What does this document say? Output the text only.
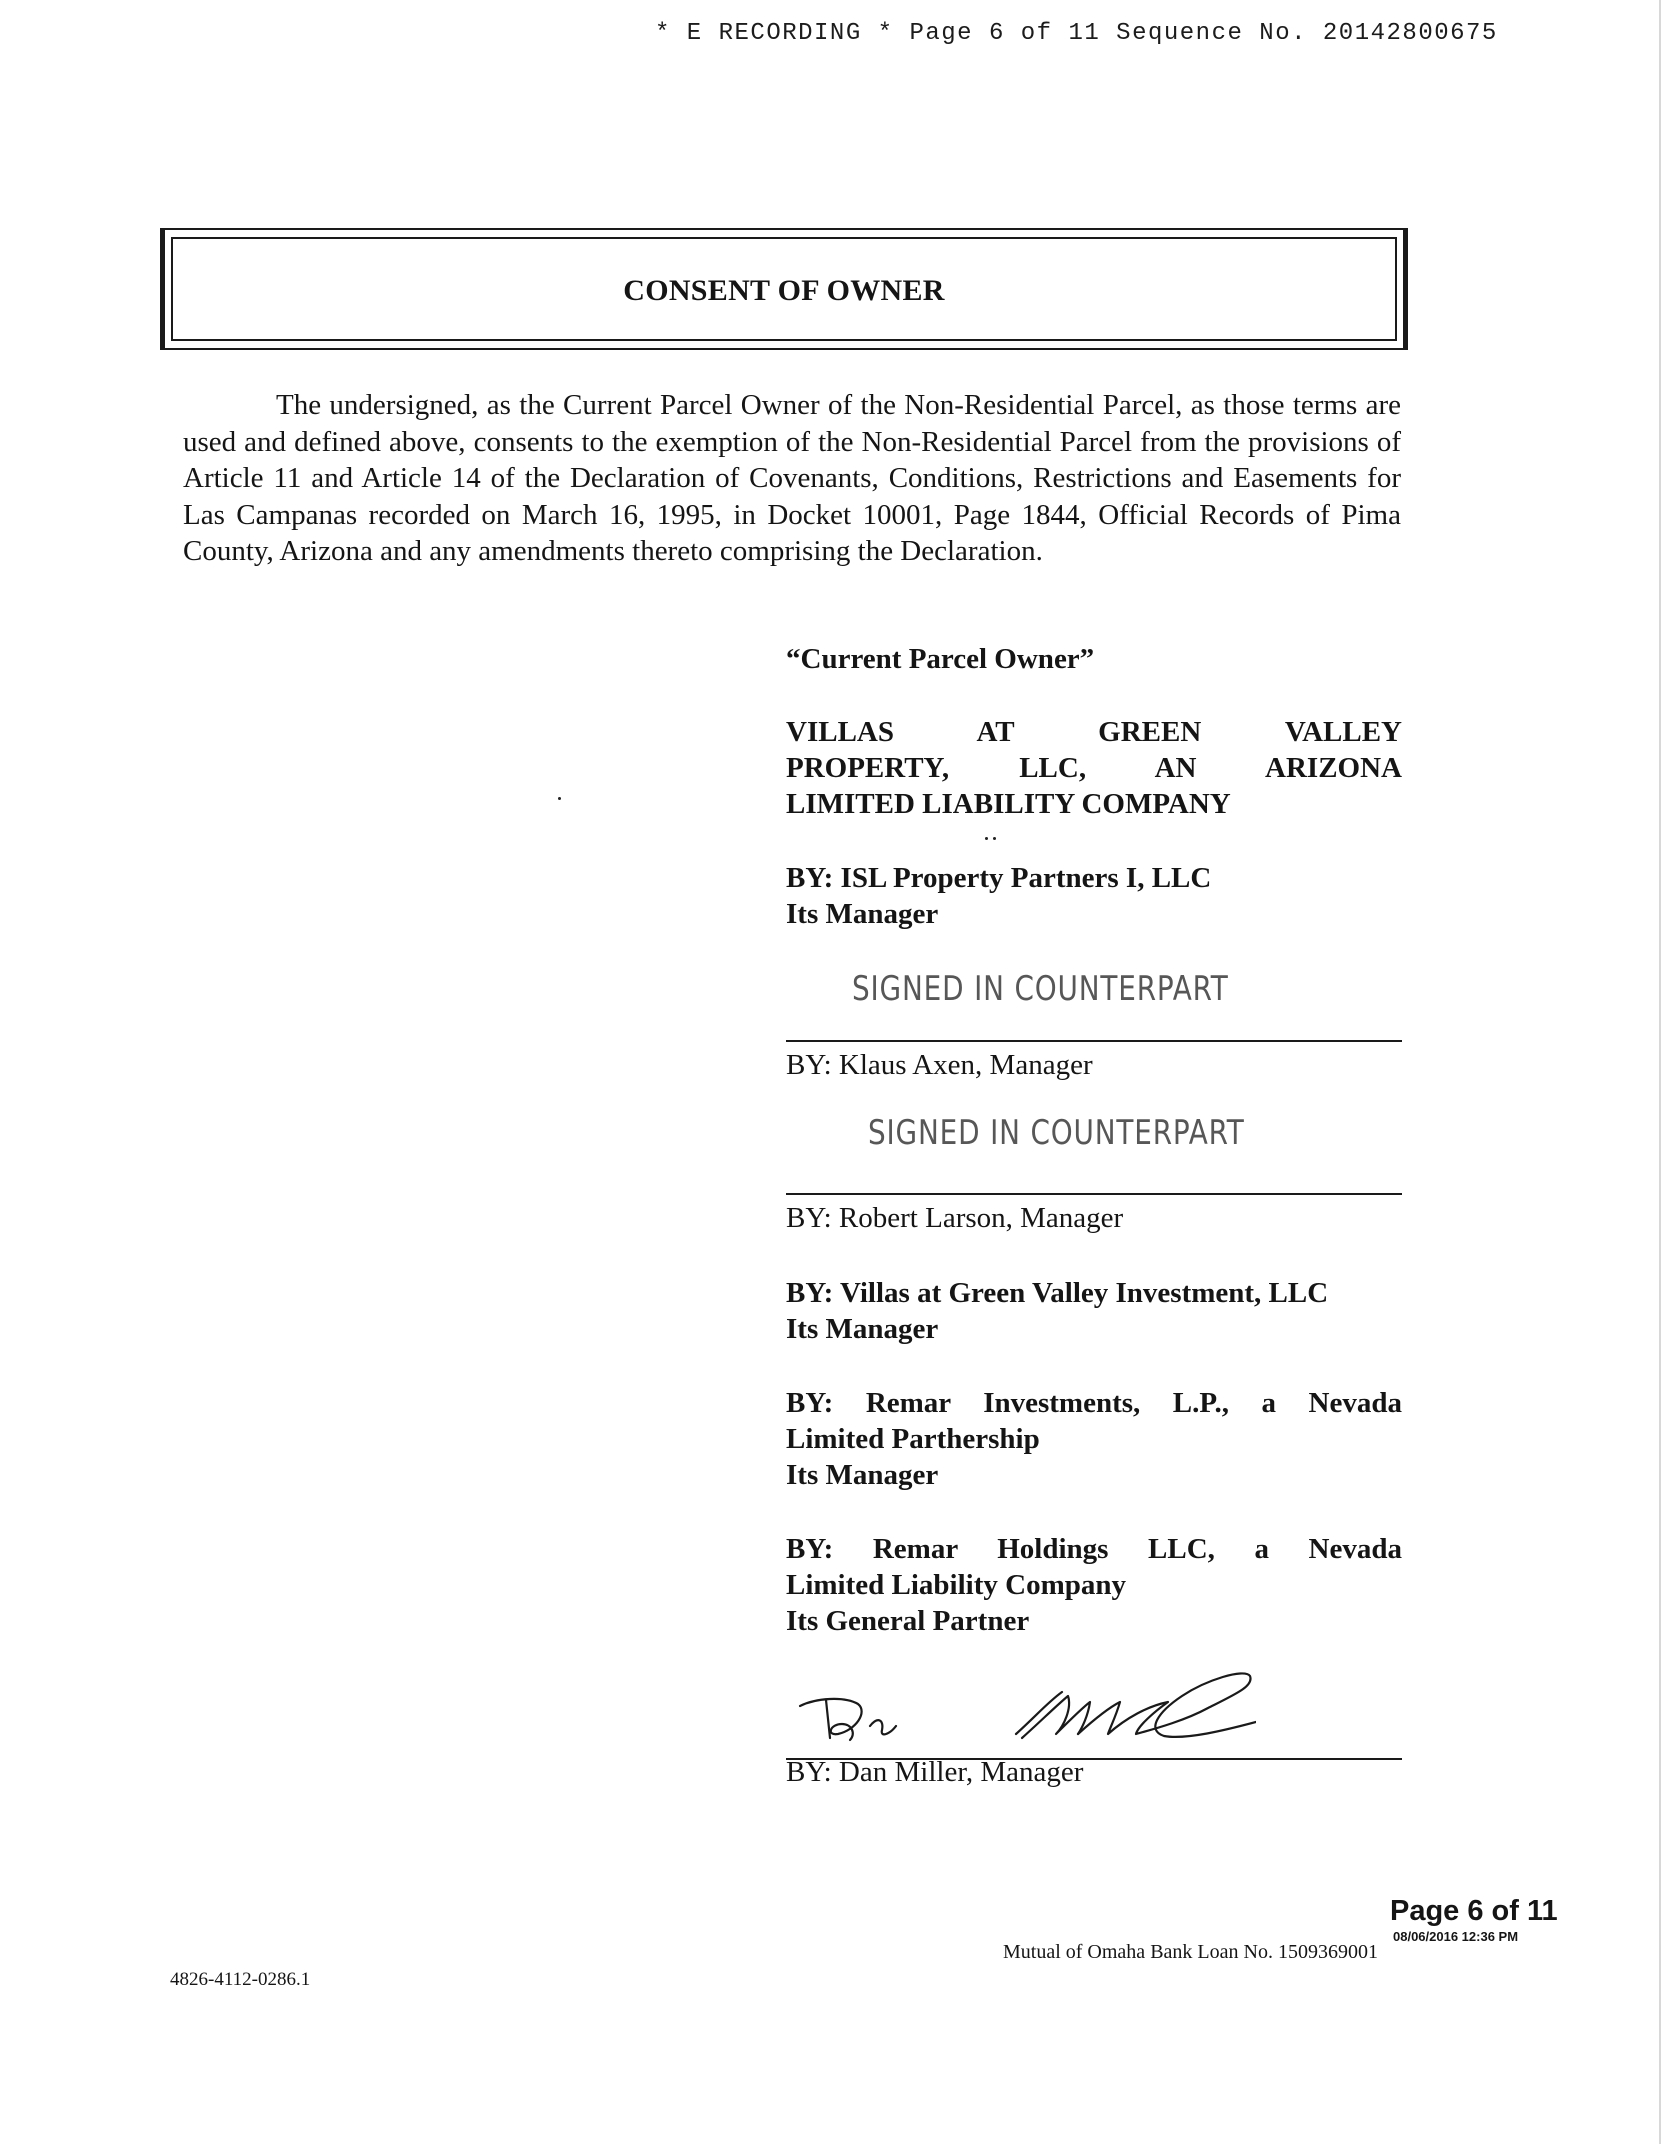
* E RECORDING * Page 6 of 11 Sequence No. 20142800675
CONSENT OF OWNER
The undersigned, as the Current Parcel Owner of the Non-Residential Parcel, as those terms are used and defined above, consents to the exemption of the Non-Residential Parcel from the provisions of Article 11 and Article 14 of the Declaration of Covenants, Conditions, Restrictions and Easements for Las Campanas recorded on March 16, 1995, in Docket 10001, Page 1844, Official Records of Pima County, Arizona and any amendments thereto comprising the Declaration.
“Current Parcel Owner”
VILLAS AT GREEN VALLEY
PROPERTY, LLC, AN ARIZONA
LIMITED LIABILITY COMPANY
BY: ISL Property Partners I, LLC
Its Manager
SIGNED IN COUNTERPART
BY: Klaus Axen, Manager
SIGNED IN COUNTERPART
BY: Robert Larson, Manager
BY: Villas at Green Valley Investment, LLC
Its Manager
BY: Remar Investments, L.P., a Nevada
Limited Parthership
Its Manager
BY: Remar Holdings LLC, a Nevada
Limited Liability Company
Its General Partner
BY: Dan Miller, Manager
Page 6 of 11
08/06/2016 12:36 PM
Mutual of Omaha Bank Loan No. 1509369001
4826-4112-0286.1
